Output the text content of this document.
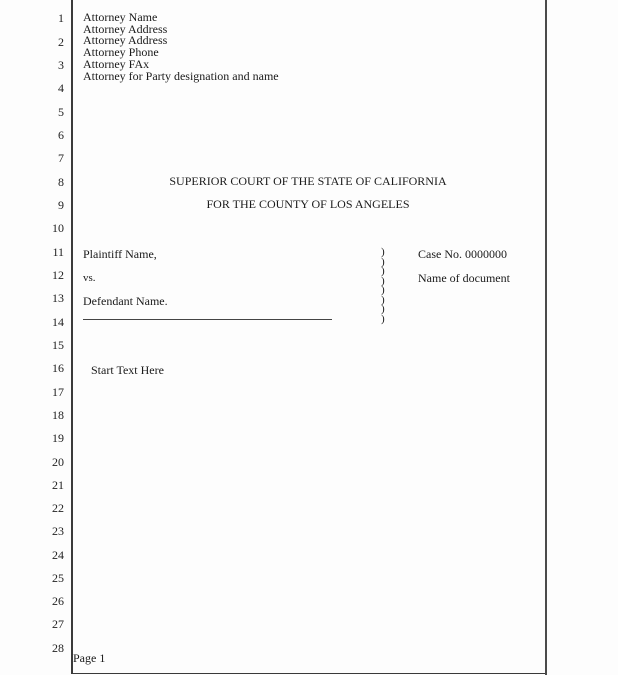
1
2
3
4
5
6
7
8
9
10
11
12
13
14
15
16
17
18
19
20
21
22
23
24
25
26
27
28
Attorney Name
Attorney Address
Attorney Address
Attorney Phone
Attorney FAx
Attorney for Party designation and name
SUPERIOR COURT OF THE STATE OF CALIFORNIA
FOR THE COUNTY OF LOS ANGELES
Plaintiff Name,
vs.
Defendant Name.
)
)
)
)
)
)
)
)
Case No. 0000000
Name of document
Start Text Here
Page 1
